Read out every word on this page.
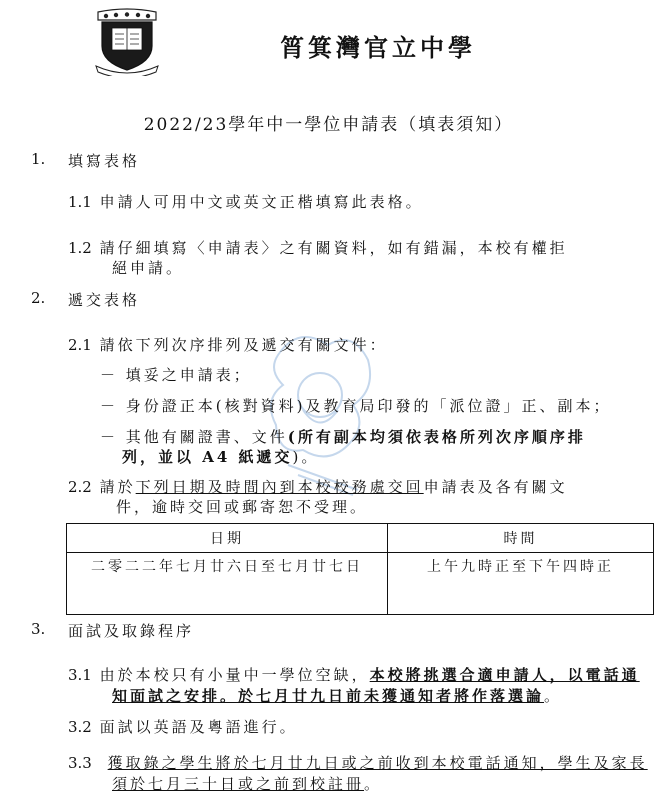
筲箕灣官立中學
2022/23學年中一學位申請表（填表須知）
1. 填寫表格
1.1 申請人可用中文或英文正楷填寫此表格。
1.2 請仔細填寫〈申請表〉之有關資料，如有錯漏，本校有權拒
絕申請。
2. 遞交表格
2.1 請依下列次序排列及遞交有關文件：
－ 填妥之申請表；
－ 身份證正本(核對資料)及教育局印發的「派位證」正、副本；
－ 其他有關證書、文件(所有副本均須依表格所列次序順序排
列，並以 A4 紙遞交)。
2.2 請於下列日期及時間內到本校校務處交回申請表及各有關文
件，逾時交回或郵寄恕不受理。
日期	時間
二零二二年七月廿六日至七月廿七日	上午九時正至下午四時正

3. 面試及取錄程序
3.1 由於本校只有小量中一學位空缺，本校將挑選合適申請人，以電話通
知面試之安排。於七月廿九日前未獲通知者將作落選論。
3.2 面試以英語及粵語進行。
3.3 獲取錄之學生將於七月廿九日或之前收到本校電話通知，學生及家長
須於七月三十日或之前到校註冊。
